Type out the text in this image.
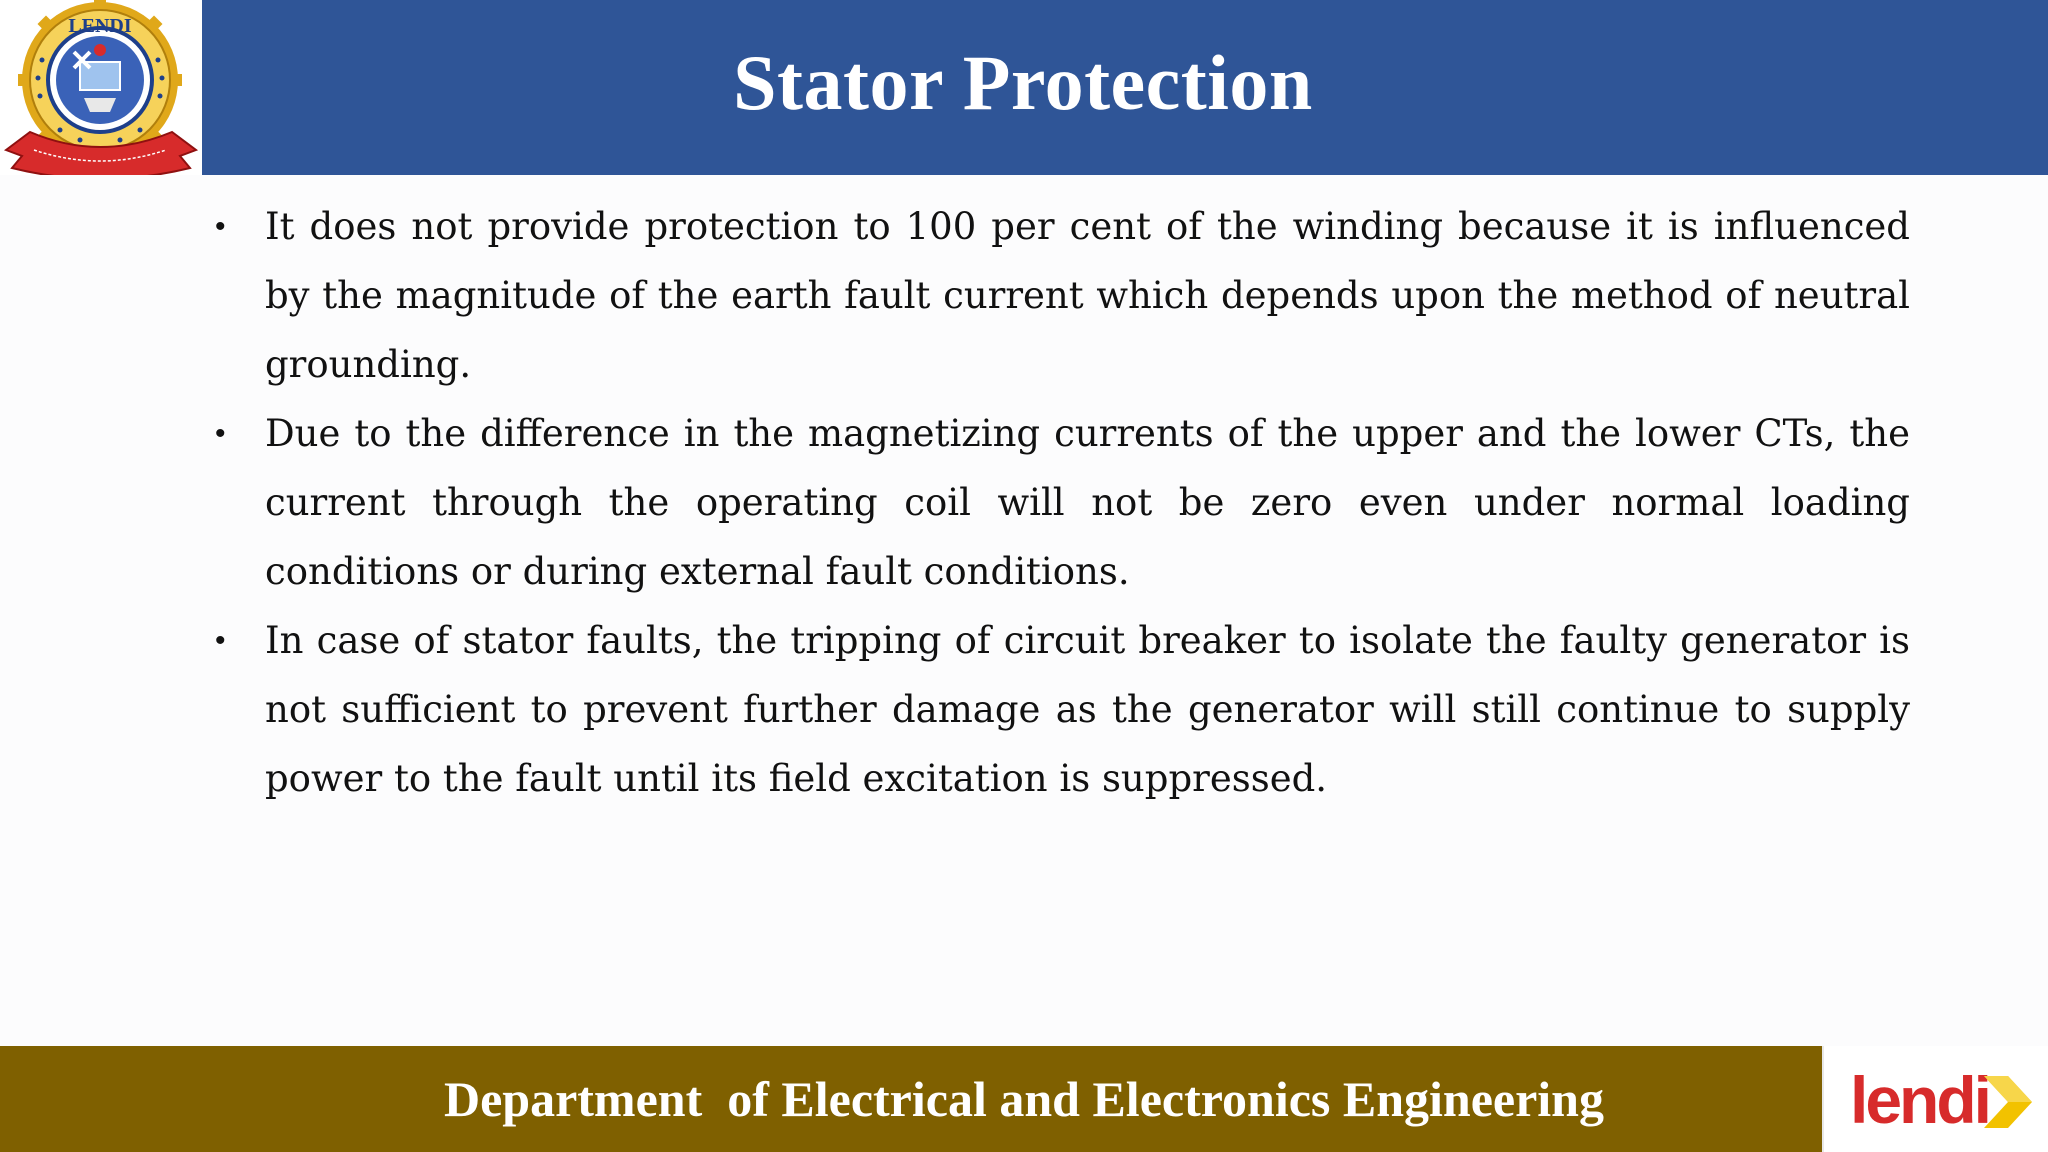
LENDI
Stator Protection
• It does not provide protection to 100 per cent of the winding because it is influenced by the magnitude of the earth fault current which depends upon the method of neutral grounding.
• Due to the difference in the magnetizing currents of the upper and the lower CTs, the current through the operating coil will not be zero even under normal loading conditions or during external fault conditions.
• In case of stator faults, the tripping of circuit breaker to isolate the faulty generator is not sufficient to prevent further damage as the generator will still continue to supply power to the fault until its field excitation is suppressed.
Department  of Electrical and Electronics Engineering	lendi
